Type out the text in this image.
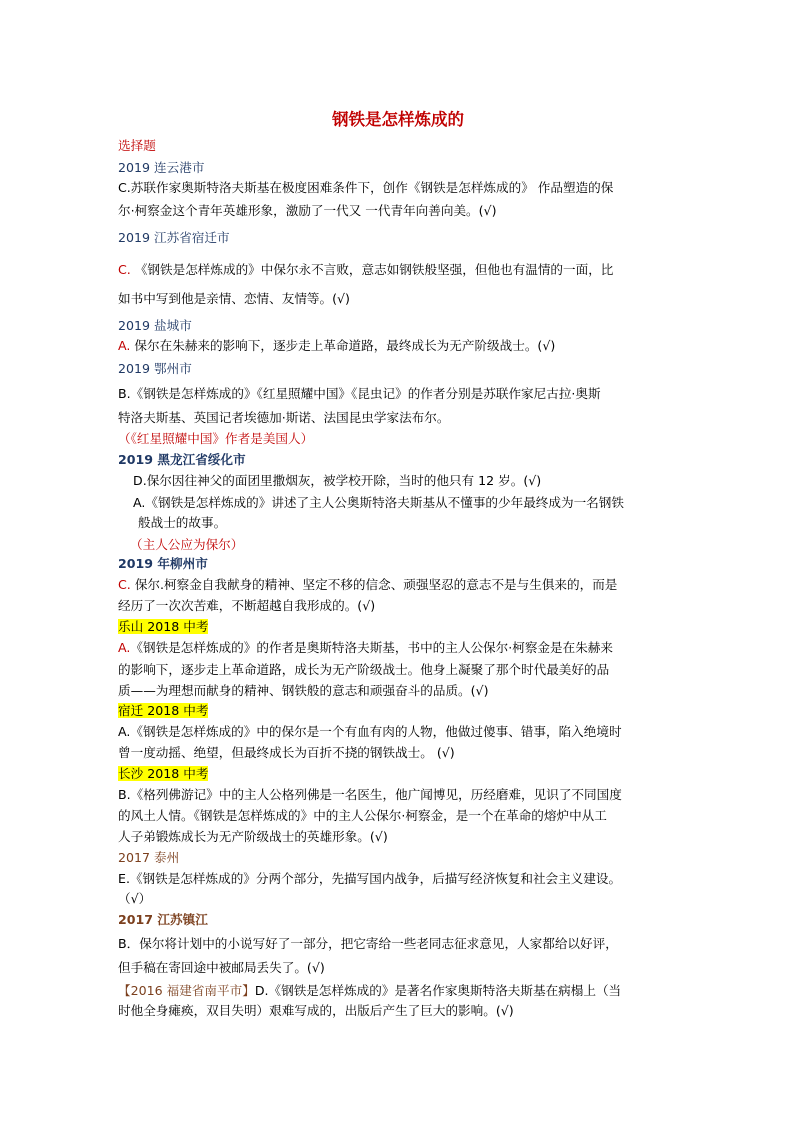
钢铁是怎样炼成的
选择题
2019 连云港市
C.苏联作家奥斯特洛夫斯基在极度困难条件下，创作《钢铁是怎样炼成的》 作品塑造的保
尔·柯察金这个青年英雄形象，激励了一代又 一代青年向善向美。(√)
2019 江苏省宿迁市
C. 《钢铁是怎样炼成的》中保尔永不言败，意志如钢铁般坚强，但他也有温情的一面，比
如书中写到他是亲情、恋情、友情等。(√)
2019 盐城市
A. 保尔在朱赫来的影响下，逐步走上革命道路，最终成长为无产阶级战士。(√)
2019 鄂州市
B.《钢铁是怎样炼成的》《红星照耀中国》《昆虫记》的作者分别是苏联作家尼古拉·奥斯
特洛夫斯基、英国记者埃德加·斯诺、法国昆虫学家法布尔。
（《红星照耀中国》作者是美国人）
2019 黑龙江省绥化市
D.保尔因往神父的面团里撒烟灰，被学校开除，当时的他只有 12 岁。(√)
A.《钢铁是怎样炼成的》讲述了主人公奥斯特洛夫斯基从不懂事的少年最终成为一名钢铁
般战士的故事。
（主人公应为保尔）
2019 年柳州市
C. 保尔.柯察金自我献身的精神、坚定不移的信念、顽强坚忍的意志不是与生俱来的，而是
经历了一次次苦难，不断超越自我形成的。(√)
乐山 2018 中考
A.《钢铁是怎样炼成的》的作者是奥斯特洛夫斯基，书中的主人公保尔·柯察金是在朱赫来
的影响下，逐步走上革命道路，成长为无产阶级战士。他身上凝聚了那个时代最美好的品
质——为理想而献身的精神、钢铁般的意志和顽强奋斗的品质。(√)
宿迁 2018 中考
A.《钢铁是怎样炼成的》中的保尔是一个有血有肉的人物，他做过傻事、错事，陷入绝境时
曾一度动摇、绝望，但最终成长为百折不挠的钢铁战士。 (√)
长沙 2018 中考
B.《格列佛游记》中的主人公格列佛是一名医生，他广闻博见，历经磨难，见识了不同国度
的风土人情。《钢铁是怎样炼成的》中的主人公保尔·柯察金，是一个在革命的熔炉中从工
人子弟锻炼成长为无产阶级战士的英雄形象。(√)
2017 泰州
E.《钢铁是怎样炼成的》分两个部分，先描写国内战争，后描写经济恢复和社会主义建设。
（√）
2017 江苏镇江
B．保尔将计划中的小说写好了一部分，把它寄给一些老同志征求意见，人家都给以好评，
但手稿在寄回途中被邮局丢失了。(√)
【2016 福建省南平市】D.《钢铁是怎样炼成的》是著名作家奥斯特洛夫斯基在病榻上（当
时他全身瘫痪，双目失明）艰难写成的，出版后产生了巨大的影响。(√)
